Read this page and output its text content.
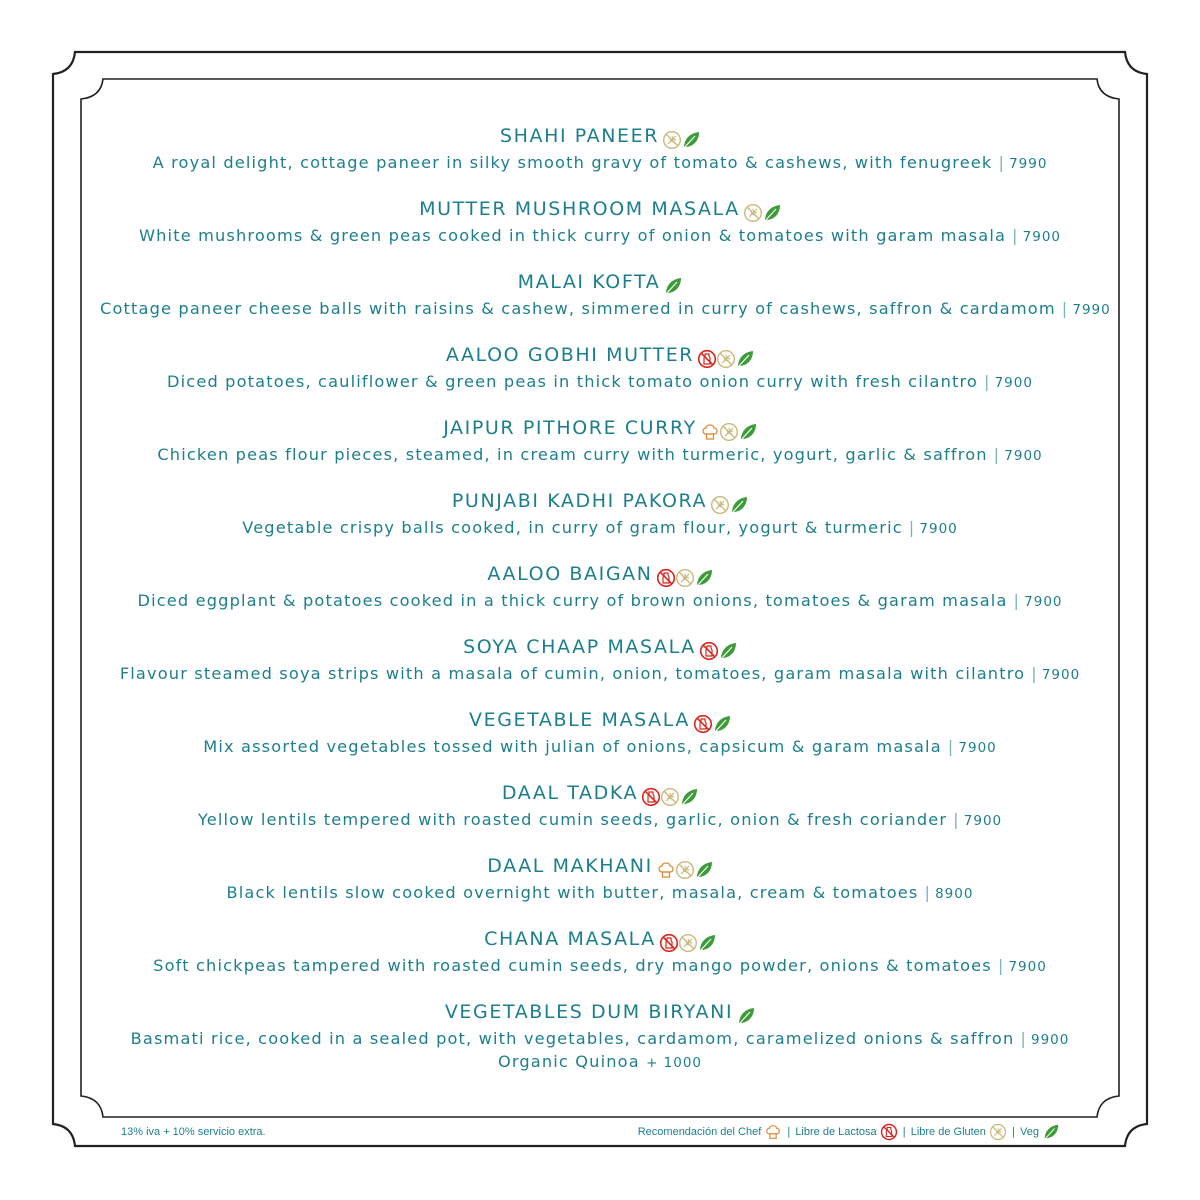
SHAHI PANEER
A royal delight, cottage paneer in silky smooth gravy of tomato & cashews, with fenugreek | 7990
MUTTER MUSHROOM MASALA
White mushrooms & green peas cooked in thick curry of onion & tomatoes with garam masala | 7900
MALAI KOFTA
Cottage paneer cheese balls with raisins & cashew, simmered in curry of cashews, saffron & cardamom | 7990
AALOO GOBHI MUTTER
Diced potatoes, cauliflower & green peas in thick tomato onion curry with fresh cilantro | 7900
JAIPUR PITHORE CURRY
Chicken peas flour pieces, steamed, in cream curry with turmeric, yogurt, garlic & saffron | 7900
PUNJABI KADHI PAKORA
Vegetable crispy balls cooked, in curry of gram flour, yogurt & turmeric | 7900
AALOO BAIGAN
Diced eggplant & potatoes cooked in a thick curry of brown onions, tomatoes & garam masala | 7900
SOYA CHAAP MASALA
Flavour steamed soya strips with a masala of cumin, onion, tomatoes, garam masala with cilantro | 7900
VEGETABLE MASALA
Mix assorted vegetables tossed with julian of onions, capsicum & garam masala | 7900
DAAL TADKA
Yellow lentils tempered with roasted cumin seeds, garlic, onion & fresh coriander | 7900
DAAL MAKHANI
Black lentils slow cooked overnight with butter, masala, cream & tomatoes | 8900
CHANA MASALA
Soft chickpeas tampered with roasted cumin seeds, dry mango powder, onions & tomatoes | 7900
VEGETABLES DUM BIRYANI
Basmati rice, cooked in a sealed pot, with vegetables, cardamom, caramelized onions & saffron | 9900
Organic Quinoa + 1000
13% iva + 10% servicio extra.	Recomendación del Chef | Libre de Lactosa | Libre de Gluten | Veg
